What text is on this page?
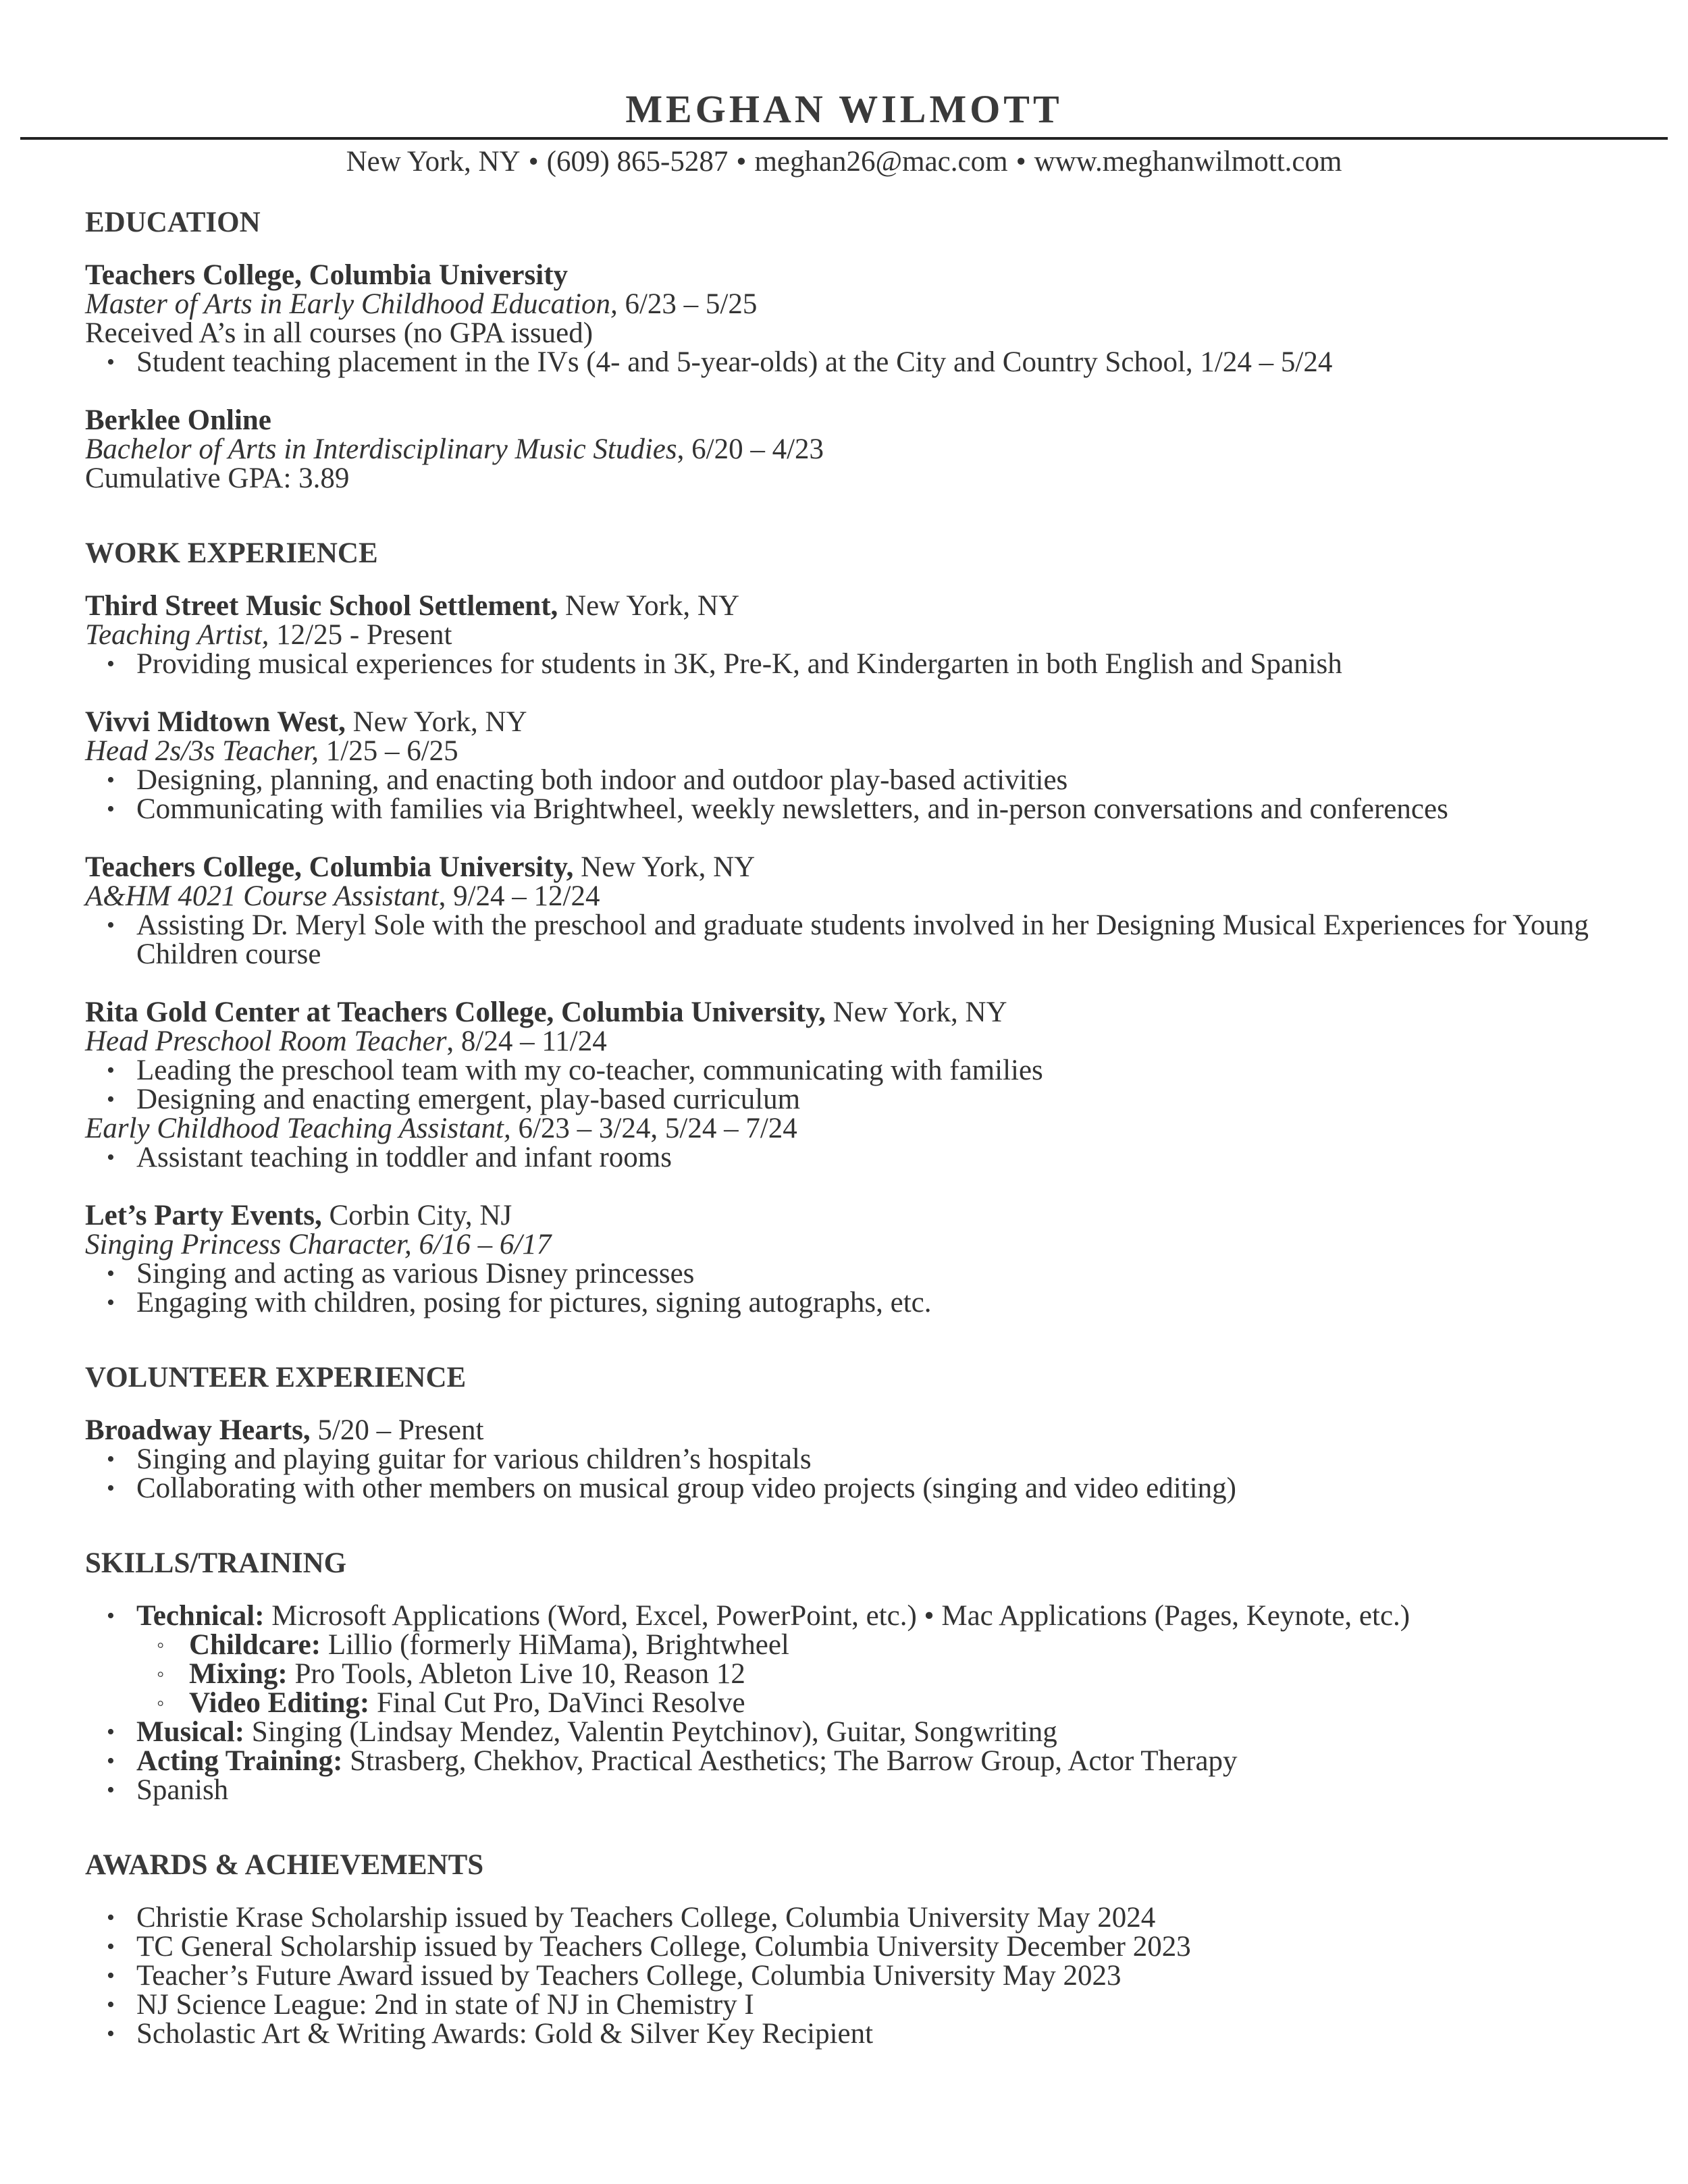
MEGHAN WILMOTT
New York, NY • (609) 865-5287 • meghan26@mac.com • www.meghanwilmott.com
EDUCATION
Teachers College, Columbia University
Master of Arts in Early Childhood Education, 6/23 – 5/25
Received A’s in all courses (no GPA issued)
• Student teaching placement in the IVs (4- and 5-year-olds) at the City and Country School, 1/24 – 5/24
Berklee Online
Bachelor of Arts in Interdisciplinary Music Studies, 6/20 – 4/23
Cumulative GPA: 3.89
WORK EXPERIENCE
Third Street Music School Settlement, New York, NY
Teaching Artist, 12/25 - Present
• Providing musical experiences for students in 3K, Pre-K, and Kindergarten in both English and Spanish
Vivvi Midtown West, New York, NY
Head 2s/3s Teacher, 1/25 – 6/25
• Designing, planning, and enacting both indoor and outdoor play-based activities
• Communicating with families via Brightwheel, weekly newsletters, and in-person conversations and conferences
Teachers College, Columbia University, New York, NY
A&HM 4021 Course Assistant, 9/24 – 12/24
• Assisting Dr. Meryl Sole with the preschool and graduate students involved in her Designing Musical Experiences for Young Children course
Rita Gold Center at Teachers College, Columbia University, New York, NY
Head Preschool Room Teacher, 8/24 – 11/24
• Leading the preschool team with my co-teacher, communicating with families
• Designing and enacting emergent, play-based curriculum
Early Childhood Teaching Assistant, 6/23 – 3/24, 5/24 – 7/24
• Assistant teaching in toddler and infant rooms
Let’s Party Events, Corbin City, NJ
Singing Princess Character, 6/16 – 6/17
• Singing and acting as various Disney princesses
• Engaging with children, posing for pictures, signing autographs, etc.
VOLUNTEER EXPERIENCE
Broadway Hearts, 5/20 – Present
• Singing and playing guitar for various children’s hospitals
• Collaborating with other members on musical group video projects (singing and video editing)
SKILLS/TRAINING
• Technical: Microsoft Applications (Word, Excel, PowerPoint, etc.) • Mac Applications (Pages, Keynote, etc.)
◦ Childcare: Lillio (formerly HiMama), Brightwheel
◦ Mixing: Pro Tools, Ableton Live 10, Reason 12
◦ Video Editing: Final Cut Pro, DaVinci Resolve
• Musical: Singing (Lindsay Mendez, Valentin Peytchinov), Guitar, Songwriting
• Acting Training: Strasberg, Chekhov, Practical Aesthetics; The Barrow Group, Actor Therapy
• Spanish
AWARDS & ACHIEVEMENTS
• Christie Krase Scholarship issued by Teachers College, Columbia University May 2024
• TC General Scholarship issued by Teachers College, Columbia University December 2023
• Teacher’s Future Award issued by Teachers College, Columbia University May 2023
• NJ Science League: 2nd in state of NJ in Chemistry I
• Scholastic Art & Writing Awards: Gold & Silver Key Recipient
